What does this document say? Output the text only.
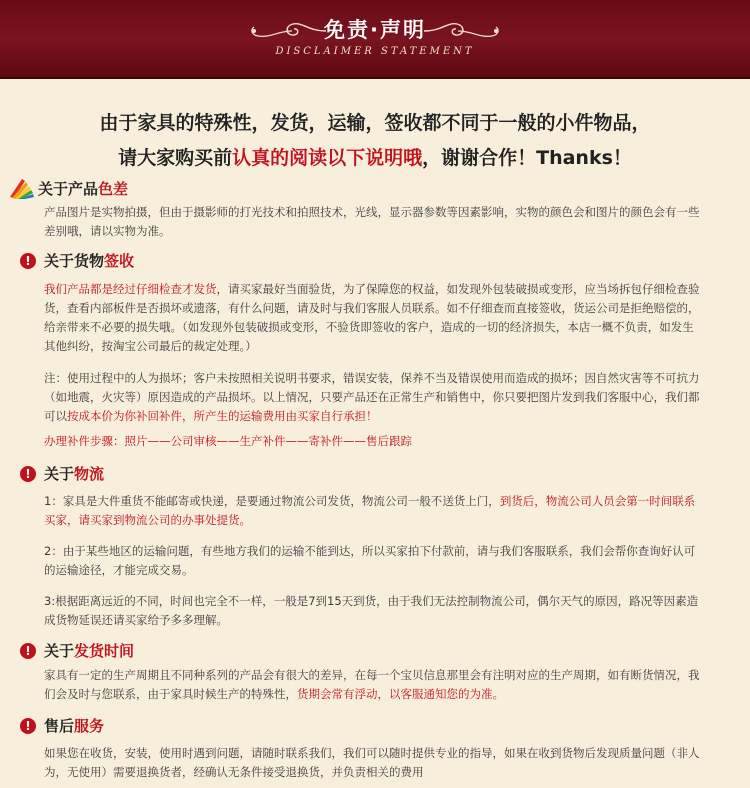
免责·声明
DISCLAIMER STATEMENT
由于家具的特殊性，发货，运输，签收都不同于一般的小件物品，
请大家购买前认真的阅读以下说明哦，谢谢合作！Thanks！
关于产品 色差

产品图片是实物拍摄，但由于摄影师的打光技术和拍照技术，光线，显示器参数等因素影响，实物的颜色会和图片的颜色会有一些差别哦，请以实物为准。

! 关于货物 签收

我们产品都是经过仔细检查才发货，请买家最好当面验货，为了保障您的权益，如发现外包装破损或变形，应当场拆包仔细检查验货，查看内部板件是否损坏或遗落，有什么问题，请及时与我们客服人员联系。如不仔细查而直接签收，货运公司是拒绝赔偿的，给亲带来不必要的损失哦。（如发现外包装破损或变形，不验货即签收的客户，造成的一切的经济损失，本店一概不负责，如发生其他纠纷，按淘宝公司最后的裁定处理。）

注：使用过程中的人为损坏；客户未按照相关说明书要求，错误安装，保养不当及错误使用而造成的损坏；因自然灾害等不可抗力（如地震，火灾等）原因造成的产品损坏。以上情况，只要产品还在正常生产和销售中，你只要把图片发到我们客服中心，我们都可以按成本价为你补回补件，所产生的运输费用由买家自行承担！

办理补件步骤：照片——公司审核——生产补件——寄补件——售后跟踪

! 关于 物流

1：家具是大件重货不能邮寄或快递，是要通过物流公司发货，物流公司一般不送货上门，到货后，物流公司人员会第一时间联系买家，请买家到物流公司的办事处提货。

2：由于某些地区的运输问题，有些地方我们的运输不能到达，所以买家拍下付款前，请与我们客服联系，我们会帮你查询好认可的运输途径，才能完成交易。

3:根据距离远近的不同，时间也完全不一样，一般是7到15天到货，由于我们无法控制物流公司，偶尔天气的原因，路况等因素造成货物延误还请买家给予多多理解。

! 关于 发货时间

家具有一定的生产周期且不同种系列的产品会有很大的差异，在每一个宝贝信息那里会有注明对应的生产周期，如有断货情况，我们会及时与您联系，由于家具时候生产的特殊性，货期会常有浮动，以客服通知您的为准。

! 售后 服务

如果您在收货，安装，使用时遇到问题，请随时联系我们，我们可以随时提供专业的指导，如果在收到货物后发现质量问题（非人为，无使用）需要退换货者，经确认无条件接受退换货，并负责相关的费用
